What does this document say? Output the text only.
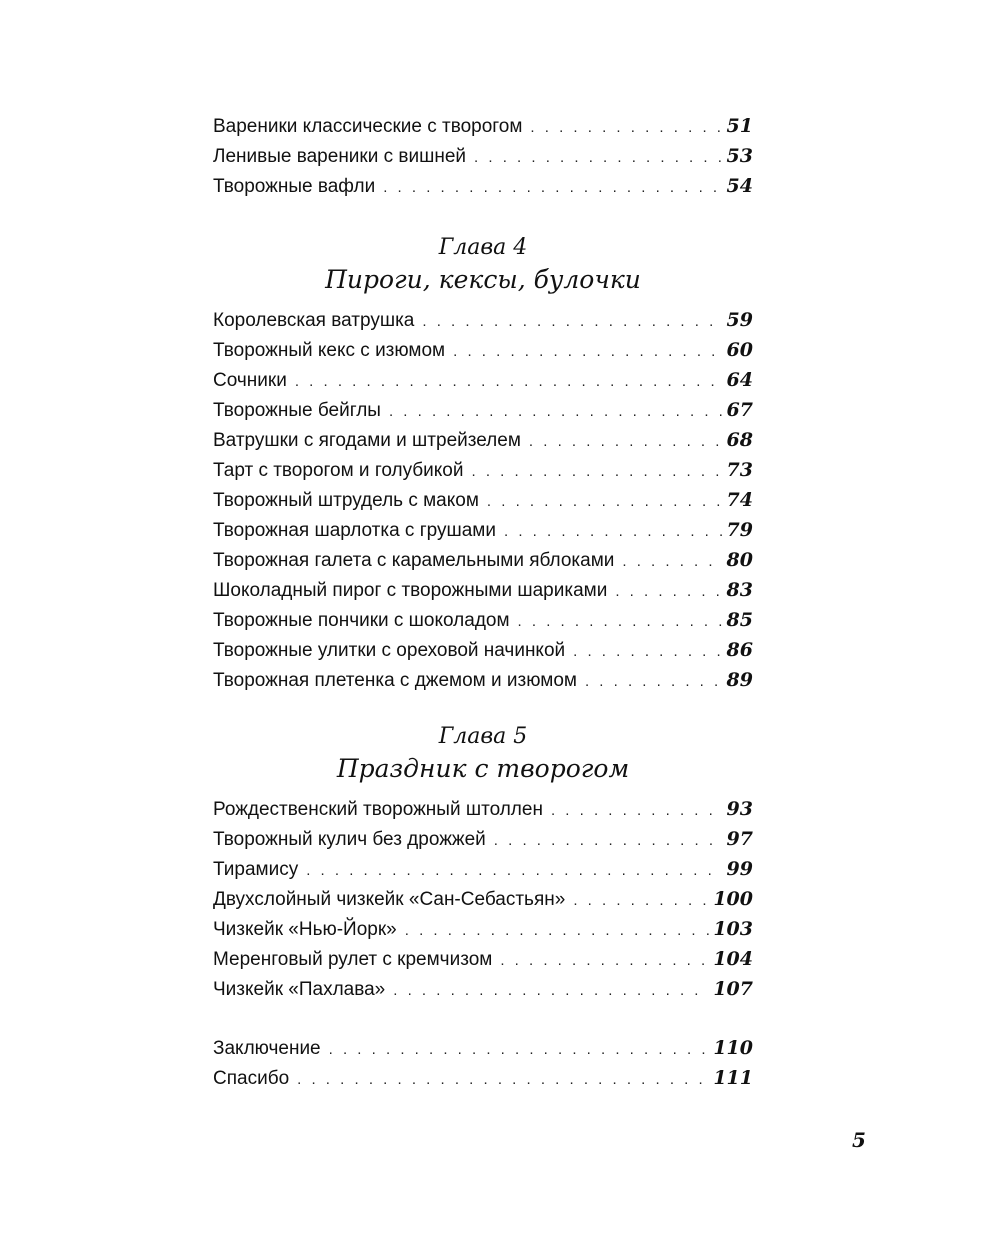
Вареники классические с творогом . . .	51
Ленивые вареники с вишней . . .	53
Творожные вафли . . .	54
Глава 4
Пироги, кексы, булочки
Королевская ватрушка . . .	59
Творожный кекс с изюмом . . .	60
Сочники . . .	64
Творожные бейглы . . .	67
Ватрушки с ягодами и штрейзелем . . .	68
Тарт с творогом и голубикой . . .	73
Творожный штрудель с маком . . .	74
Творожная шарлотка с грушами . . .	79
Творожная галета с карамельными яблоками . . .	80
Шоколадный пирог с творожными шариками . . .	83
Творожные пончики с шоколадом . . .	85
Творожные улитки с ореховой начинкой . . .	86
Творожная плетенка с джемом и изюмом . . .	89
Глава 5
Праздник с творогом
Рождественский творожный штоллен . . .	93
Творожный кулич без дрожжей . . .	97
Тирамису . . .	99
Двухслойный чизкейк «Сан-Себастьян» . . .	100
Чизкейк «Нью-Йорк» . . .	103
Меренговый рулет с кремчизом . . .	104
Чизкейк «Пахлава» . . .	107
Заключение . . .	110
Спасибо . . .	111
5
